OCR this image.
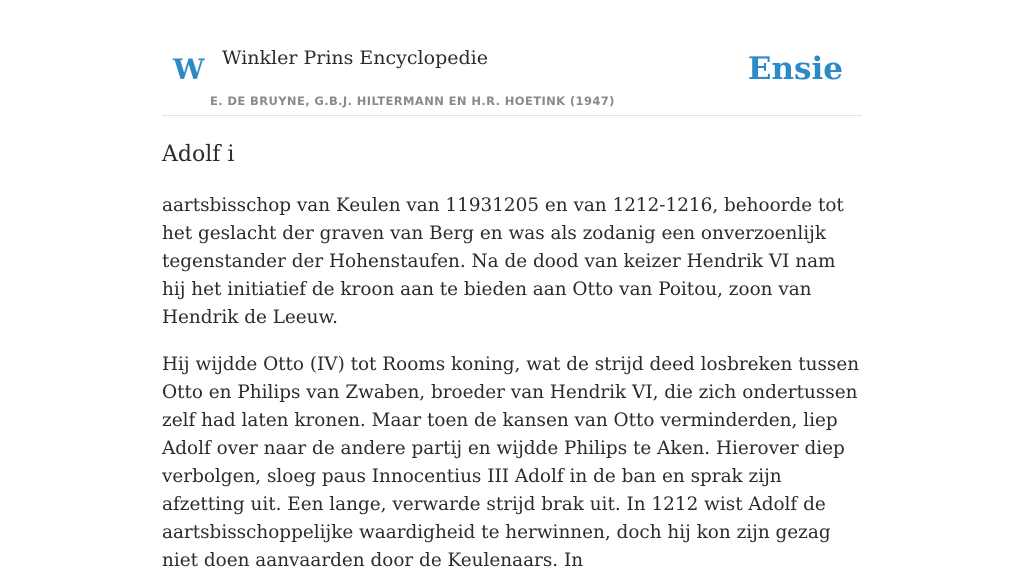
W Winkler Prins Encyclopedie
E. DE BRUYNE, G.B.J. HILTERMANN EN H.R. HOETINK (1947)
Ensie
Adolf i

aartsbisschop van Keulen van 11931205 en van 1212-1216, behoorde tot het geslacht der graven van Berg en was als zodanig een onverzoenlijk tegenstander der Hohenstaufen. Na de dood van keizer Hendrik VI nam hij het initiatief de kroon aan te bieden aan Otto van Poitou, zoon van Hendrik de Leeuw.

Hij wijdde Otto (IV) tot Rooms koning, wat de strijd deed losbreken tussen Otto en Philips van Zwaben, broeder van Hendrik VI, die zich ondertussen zelf had laten kronen. Maar toen de kansen van Otto verminderden, liep Adolf over naar de andere partij en wijdde Philips te Aken. Hierover diep verbolgen, sloeg paus Innocentius III Adolf in de ban en sprak zijn afzetting uit. Een lange, verwarde strijd brak uit. In 1212 wist Adolf de aartsbisschoppelijke waardigheid te herwinnen, doch hij kon zijn gezag niet doen aanvaarden door de Keulenaars. In
